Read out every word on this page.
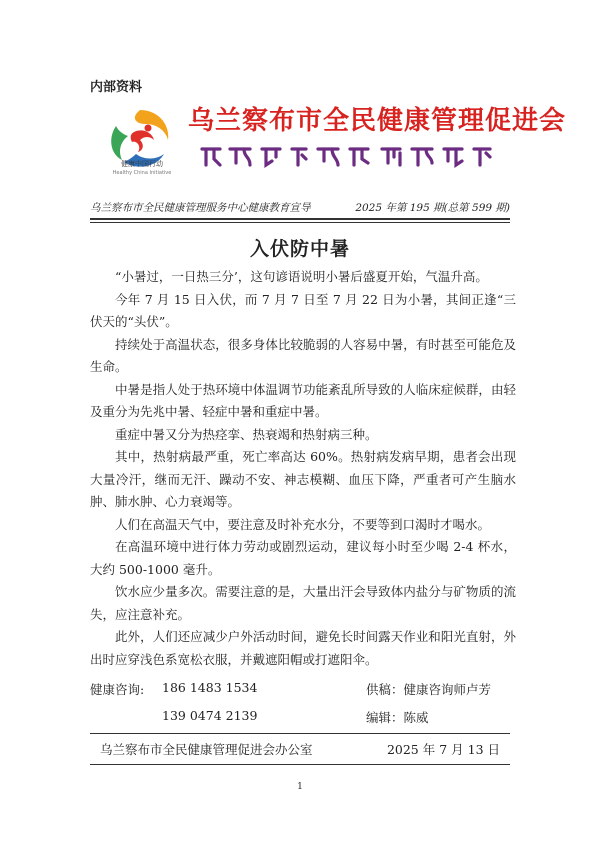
内部资料
健康中国行动
Healthy China Initiative
乌兰察布市全民健康管理促进会
乌兰察布市全民健康管理服务中心健康教育宣导	2025 年第 195 期(总第 599 期)
入伏防中暑

“小暑过，一日热三分’，这句谚语说明小暑后盛夏开始，气温升高。

今年 7 月 15 日入伏，而 7 月 7 日至 7 月 22 日为小暑，其间正逢“三伏天的“头伏”。

持续处于高温状态，很多身体比较脆弱的人容易中暑，有时甚至可能危及生命。

中暑是指人处于热环境中体温调节功能紊乱所导致的人临床症候群，由轻及重分为先兆中暑、轻症中暑和重症中暑。

重症中暑又分为热痉挛、热衰竭和热射病三种。

其中，热射病最严重，死亡率高达 60%。热射病发病早期，患者会出现大量冷汗，继而无汗、躁动不安、神志模糊、血压下降，严重者可产生脑水肿、肺水肿、心力衰竭等。

人们在高温天气中，要注意及时补充水分，不要等到口渴时才喝水。

在高温环境中进行体力劳动或剧烈运动，建议每小时至少喝 2-4 杯水，大约 500-1000 毫升。

饮水应少量多次。需要注意的是，大量出汗会导致体内盐分与矿物质的流失，应注意补充。

此外，人们还应减少户外活动时间，避免长时间露天作业和阳光直射，外出时应穿浅色系宽松衣服，并戴遮阳帽或打遮阳伞。

健康咨询: 186 1483 1534
139 0474 2139
供稿：健康咨询师卢芳
编辑：陈威
乌兰察布市全民健康管理促进会办公室	2025 年 7 月 13 日
1
